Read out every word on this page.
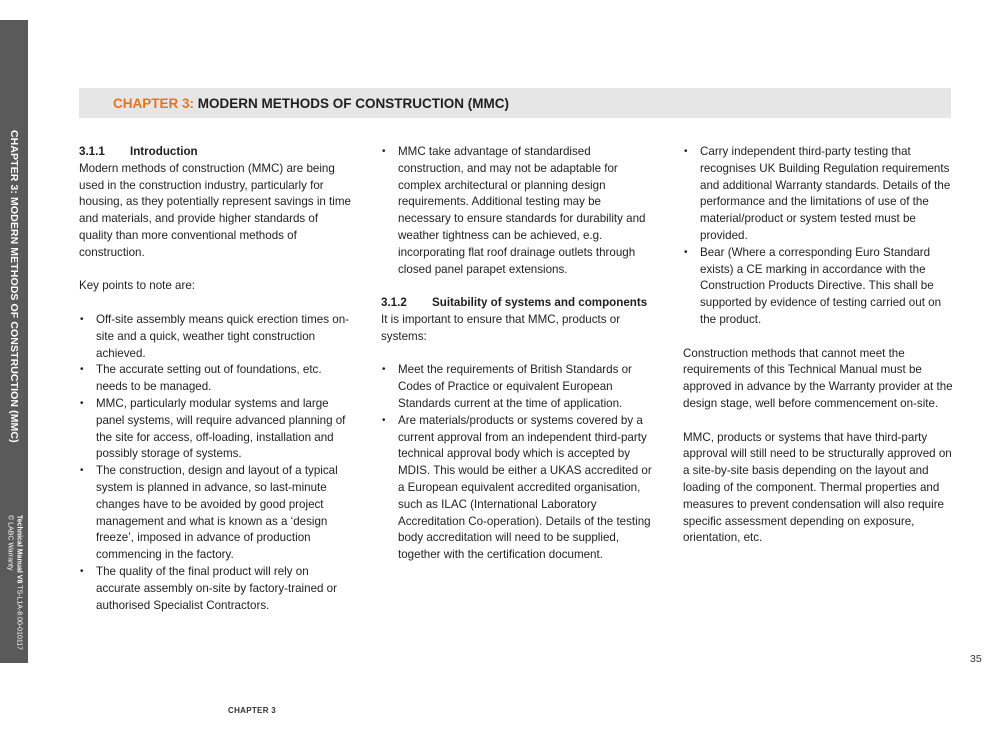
CHAPTER 3: MODERN METHODS OF CONSTRUCTION (MMC)
Technical Manual V8 TS-L1A-8.00-010117
© LABC Warranty
CHAPTER 3: MODERN METHODS OF CONSTRUCTION (MMC)
3.1.1	Introduction

Modern methods of construction (MMC) are being used in the construction industry, particularly for housing, as they potentially represent savings in time and materials, and provide higher standards of quality than more conventional methods of construction.

Key points to note are:

• Off-site assembly means quick erection times on-site and a quick, weather tight construction achieved.
• The accurate setting out of foundations, etc. needs to be managed.
• MMC, particularly modular systems and large panel systems, will require advanced planning of the site for access, off-loading, installation and possibly storage of systems.
• The construction, design and layout of a typical system is planned in advance, so last-minute changes have to be avoided by good project management and what is known as a ‘design freeze’, imposed in advance of production commencing in the factory.
• The quality of the final product will rely on accurate assembly on-site by factory-trained or authorised Specialist Contractors.
• MMC take advantage of standardised construction, and may not be adaptable for complex architectural or planning design requirements. Additional testing may be necessary to ensure standards for durability and weather tightness can be achieved, e.g. incorporating flat roof drainage outlets through closed panel parapet extensions.
3.1.2	Suitability of systems and components

It is important to ensure that MMC, products or systems:

• Meet the requirements of British Standards or Codes of Practice or equivalent European Standards current at the time of application.
• Are materials/products or systems covered by a current approval from an independent third-party technical approval body which is accepted by MDIS. This would be either a UKAS accredited or a European equivalent accredited organisation, such as ILAC (International Laboratory Accreditation Co-operation). Details of the testing body accreditation will need to be supplied, together with the certification document.
• Carry independent third-party testing that recognises UK Building Regulation requirements and additional Warranty standards. Details of the performance and the limitations of use of the material/product or system tested must be provided.
• Bear (Where a corresponding Euro Standard exists) a CE marking in accordance with the Construction Products Directive. This shall be supported by evidence of testing carried out on the product.

Construction methods that cannot meet the requirements of this Technical Manual must be approved in advance by the Warranty provider at the design stage, well before commencement on-site.

MMC, products or systems that have third-party approval will still need to be structurally approved on a site-by-site basis depending on the layout and loading of the component. Thermal properties and measures to prevent condensation will also require specific assessment depending on exposure, orientation, etc.

35
CHAPTER 3
